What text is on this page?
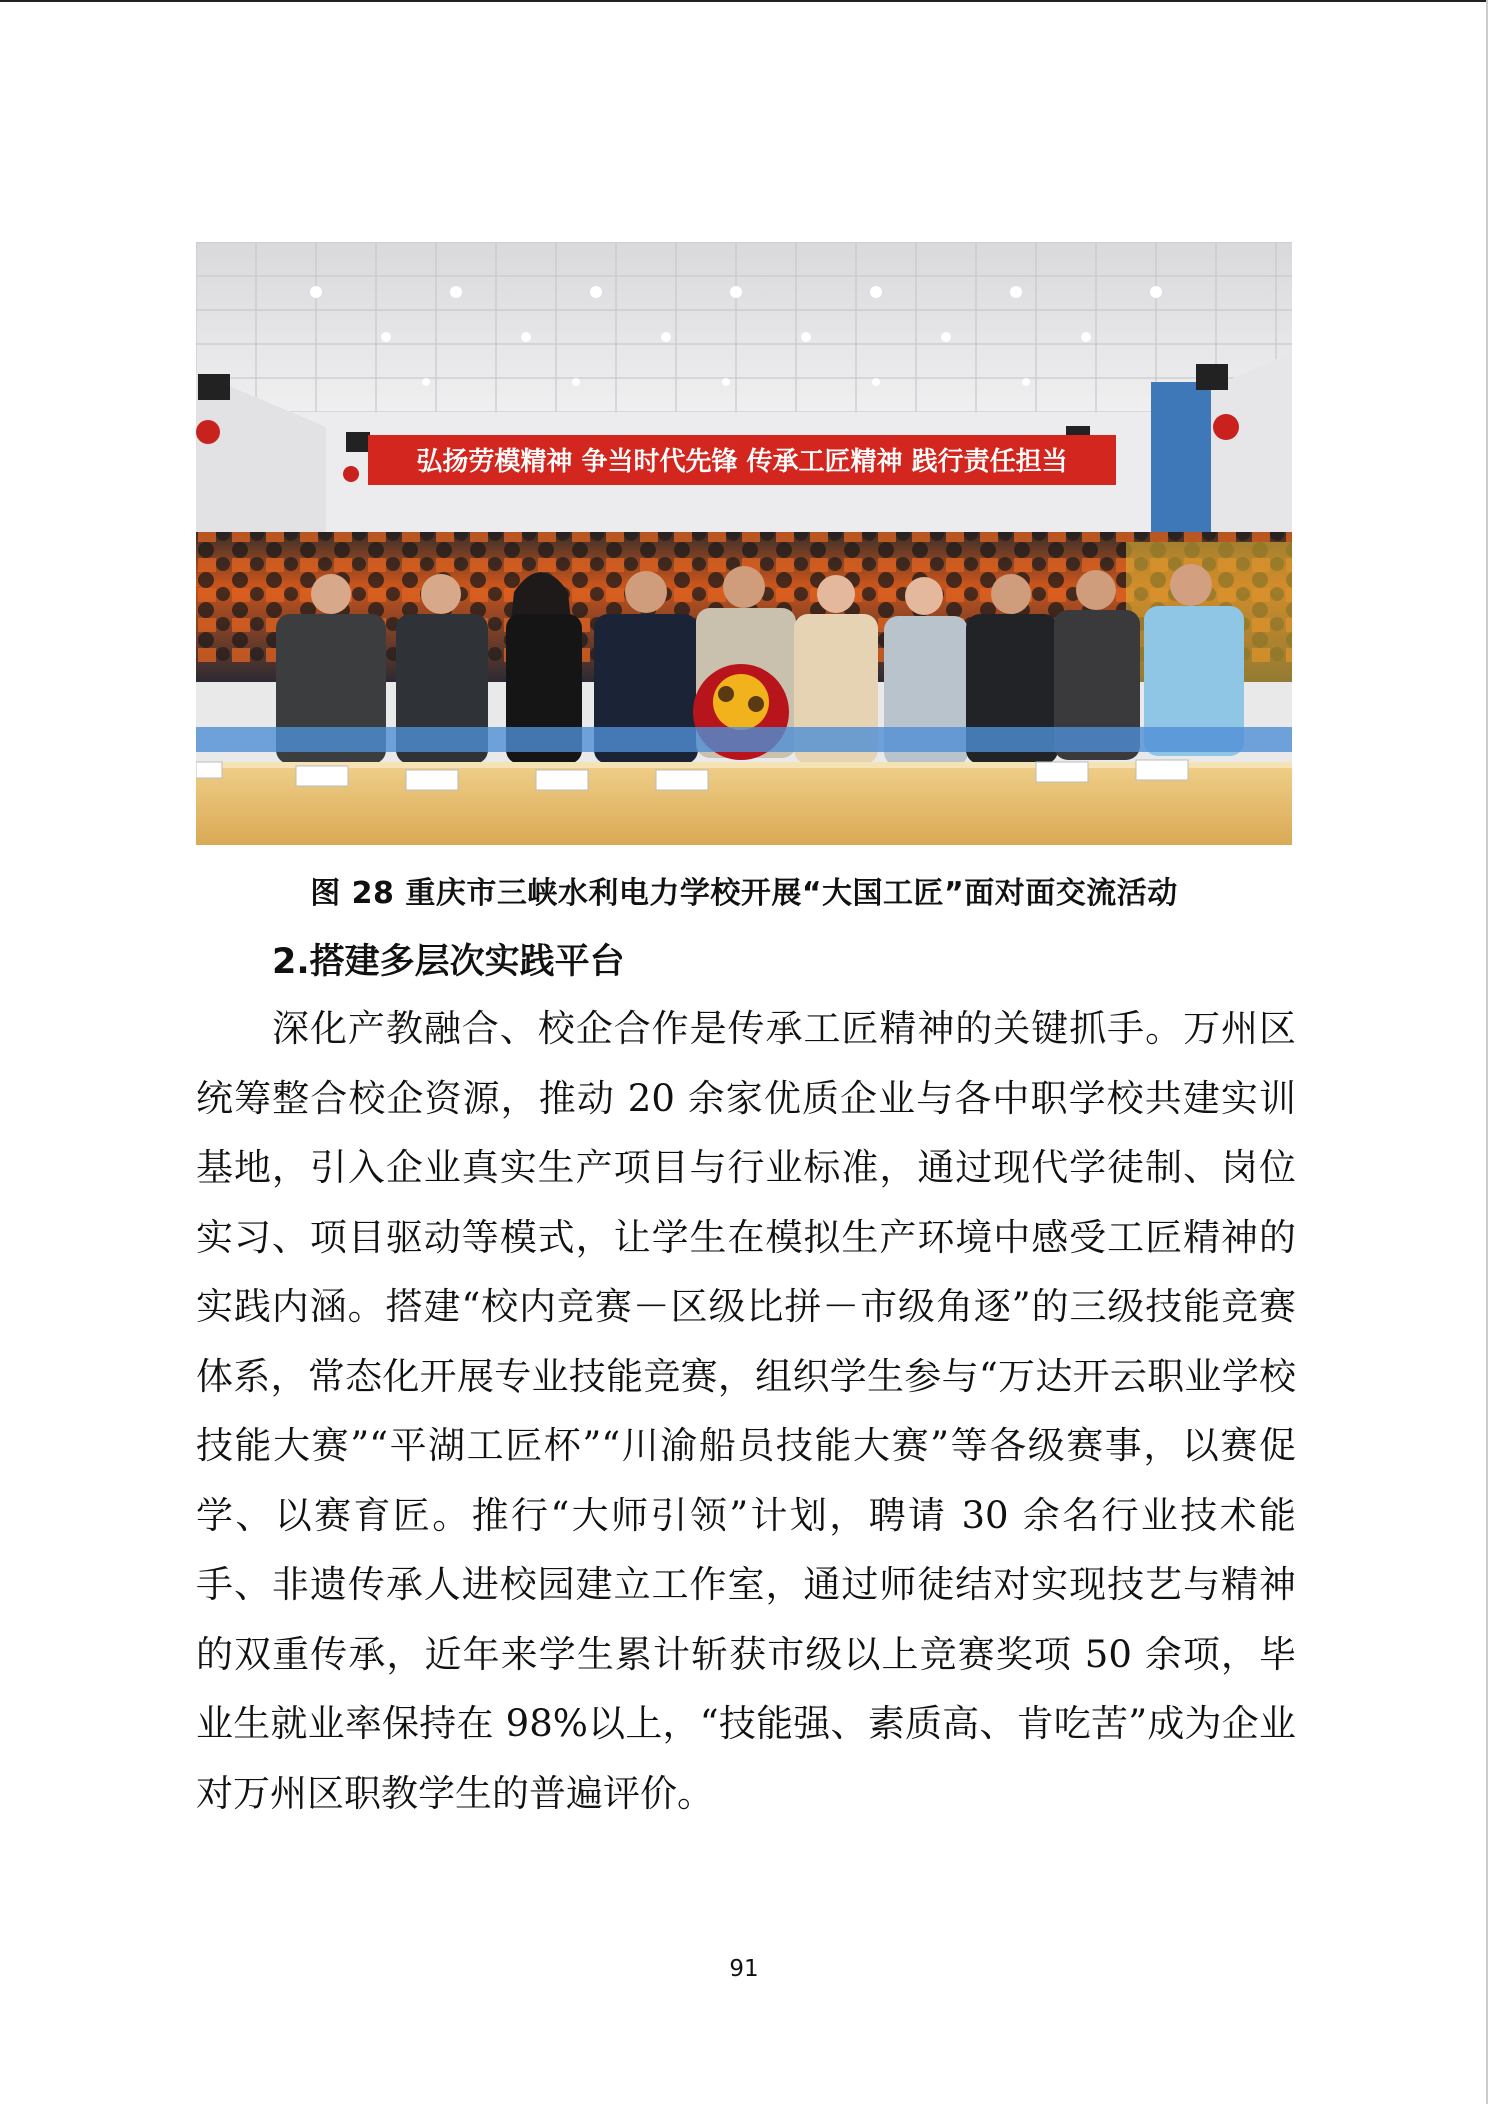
弘扬劳模精神 争当时代先锋 传承工匠精神 践行责任担当
图 28 重庆市三峡水利电力学校开展“大国工匠”面对面交流活动
2.搭建多层次实践平台

深化产教融合、校企合作是传承工匠精神的关键抓手。万州区统筹整合校企资源，推动 20 余家优质企业与各中职学校共建实训基地，引入企业真实生产项目与行业标准，通过现代学徒制、岗位实习、项目驱动等模式，让学生在模拟生产环境中感受工匠精神的实践内涵。搭建“校内竞赛－区级比拼－市级角逐”的三级技能竞赛体系，常态化开展专业技能竞赛，组织学生参与“万达开云职业学校技能大赛”“平湖工匠杯”“川渝船员技能大赛”等各级赛事，以赛促学、以赛育匠。推行“大师引领”计划，聘请 30 余名行业技术能手、非遗传承人进校园建立工作室，通过师徒结对实现技艺与精神的双重传承，近年来学生累计斩获市级以上竞赛奖项 50 余项，毕业生就业率保持在 98%以上，“技能强、素质高、肯吃苦”成为企业对万州区职教学生的普遍评价。

91
